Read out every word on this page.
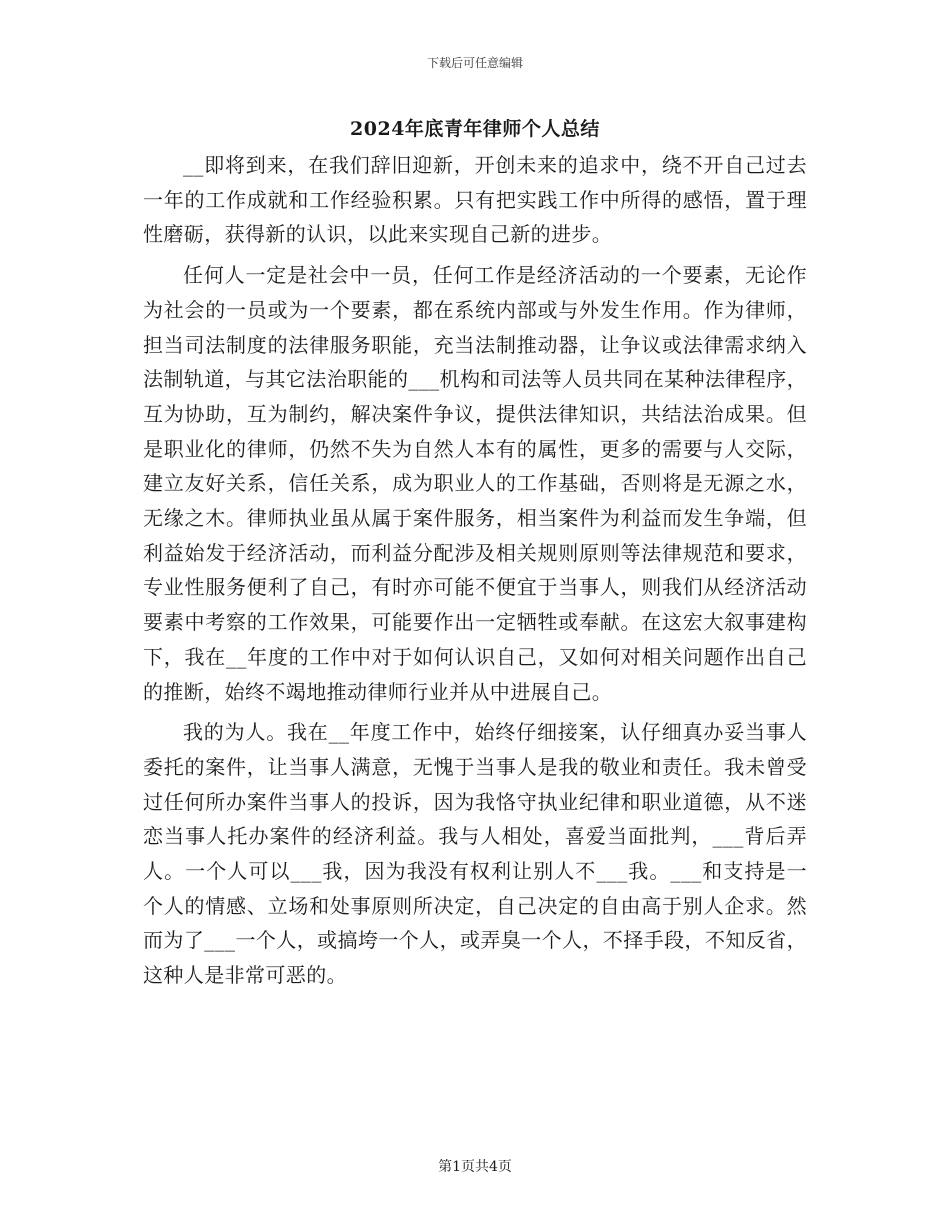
下载后可任意编辑
2024年底青年律师个人总结

__即将到来，在我们辞旧迎新，开创未来的追求中，绕不开自己过去一年的工作成就和工作经验积累。只有把实践工作中所得的感悟，置于理性磨砺，获得新的认识，以此来实现自己新的进步。

任何人一定是社会中一员，任何工作是经济活动的一个要素，无论作为社会的一员或为一个要素，都在系统内部或与外发生作用。作为律师，担当司法制度的法律服务职能，充当法制推动器，让争议或法律需求纳入法制轨道，与其它法治职能的___机构和司法等人员共同在某种法律程序，互为协助，互为制约，解决案件争议，提供法律知识，共结法治成果。但是职业化的律师，仍然不失为自然人本有的属性，更多的需要与人交际，建立友好关系，信任关系，成为职业人的工作基础，否则将是无源之水，无缘之木。律师执业虽从属于案件服务，相当案件为利益而发生争端，但利益始发于经济活动，而利益分配涉及相关规则原则等法律规范和要求，专业性服务便利了自己，有时亦可能不便宜于当事人，则我们从经济活动要素中考察的工作效果，可能要作出一定牺牲或奉献。在这宏大叙事建构下，我在__年度的工作中对于如何认识自己，又如何对相关问题作出自己的推断，始终不竭地推动律师行业并从中进展自己。

我的为人。我在__年度工作中，始终仔细接案，认仔细真办妥当事人委托的案件，让当事人满意，无愧于当事人是我的敬业和责任。我未曾受过任何所办案件当事人的投诉，因为我恪守执业纪律和职业道德，从不迷恋当事人托办案件的经济利益。我与人相处，喜爱当面批判，___背后弄人。一个人可以___我，因为我没有权利让别人不___我。___和支持是一个人的情感、立场和处事原则所决定，自己决定的自由高于别人企求。然而为了___一个人，或搞垮一个人，或弄臭一个人，不择手段，不知反省，这种人是非常可恶的。

第1页共4页
